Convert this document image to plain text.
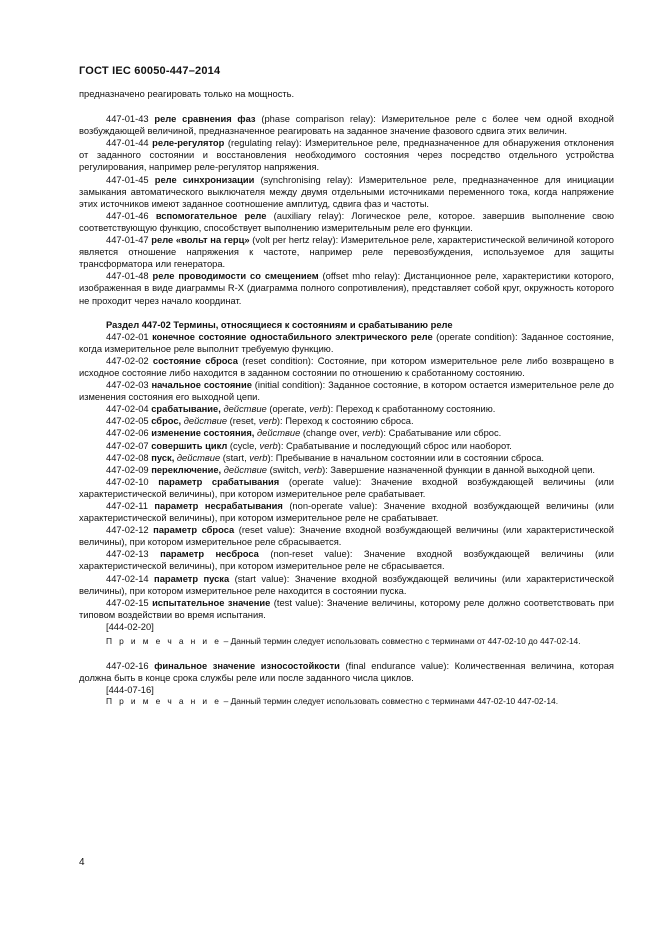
ГОСТ IEC 60050-447–2014

предназначено реагировать только на мощность.

447-01-43 реле сравнения фаз (phase comparison relay): Измерительное реле с более чем одной входной возбуждающей величиной, предназначенное реагировать на заданное значение фазового сдвига этих величин.

447-01-44 реле-регулятор (regulating relay): Измерительное реле, предназначенное для обнаружения отклонения от заданного состоянии и восстановления необходимого состояния через посредство отдельного устройства регулирования, например реле-регулятор напряжения.

447-01-45 реле синхронизации (synchronising relay): Измерительное реле, предназначенное для инициации замыкания автоматического выключателя между двумя отдельными источниками переменного тока, когда напряжение этих источников имеют заданное соотношение амплитуд, сдвига фаз и частоты.

447-01-46 вспомогательное реле (auxiliary relay): Логическое реле, которое. завершив выполнение свою соответствующую функцию, способствует выполнению измерительным реле его функции.

447-01-47 реле «вольт на герц» (volt per hertz relay): Измерительное реле, характеристической величиной которого является отношение напряжения к частоте, например реле перевозбуждения, используемое для защиты трансформатора или генератора.

447-01-48 реле проводимости со смещением (offset mho relay): Дистанционное реле, характеристики которого, изображенная в виде диаграммы R-X (диаграмма полного сопротивления), представляет собой круг, окружность которого не проходит через начало координат.

Раздел 447-02 Термины, относящиеся к состояниям и срабатыванию реле

447-02-01 конечное состояние одностабильного электрического реле (operate condition): Заданное состояние, когда измерительное реле выполнит требуемую функцию.

447-02-02 состояние сброса (reset condition): Состояние, при котором измерительное реле либо возвращено в исходное состояние либо находится в заданном состоянии по отношению к сработанному состоянию.

447-02-03 начальное состояние (initial condition): Заданное состояние, в котором остается измерительное реле до изменения состояния его выходной цепи.

447-02-04 срабатывание, действие (operate, verb): Переход к сработанному состоянию.

447-02-05 сброс, действие (reset, verb): Переход к состоянию сброса.

447-02-06 изменение состояния, действие (change over, verb): Срабатывание или сброс.

447-02-07 совершить цикл (cycle, verb): Срабатывание и последующий сброс или наоборот.

447-02-08 пуск, действие (start, verb): Пребывание в начальном состоянии или в состоянии сброса.

447-02-09 переключение, действие (switch, verb): Завершение назначенной функции в данной выходной цепи.

447-02-10 параметр срабатывания (operate value): Значение входной возбуждающей величины (или характеристической величины), при котором измерительное реле срабатывает.

447-02-11 параметр несрабатывания (non-operate value): Значение входной возбуждающей величины (или характеристической величины), при котором измерительное реле не срабатывает.

447-02-12 параметр сброса (reset value): Значение входной возбуждающей величины (или характеристической величины), при котором измерительное реле сбрасывается.

447-02-13 параметр несброса (non-reset value): Значение входной возбуждающей величины (или характеристической величины), при котором измерительное реле не сбрасывается.

447-02-14 параметр пуска (start value): Значение входной возбуждающей величины (или характеристической величины), при котором измерительное реле находится в состоянии пуска.

447-02-15 испытательное значение (test value): Значение величины, которому реле должно соответствовать при типовом воздействии во время испытания.

[444-02-20]

П р и м е ч а н и е – Данный термин следует использовать совместно с терминами от 447-02-10 до 447-02-14.

447-02-16 финальное значение износостойкости (final endurance value): Количественная величина, которая должна быть в конце срока службы реле или после заданного числа циклов.

[444-07-16]

П р и м е ч а н и е – Данный термин следует использовать совместно с терминами 447-02-10 447-02-14.

4
